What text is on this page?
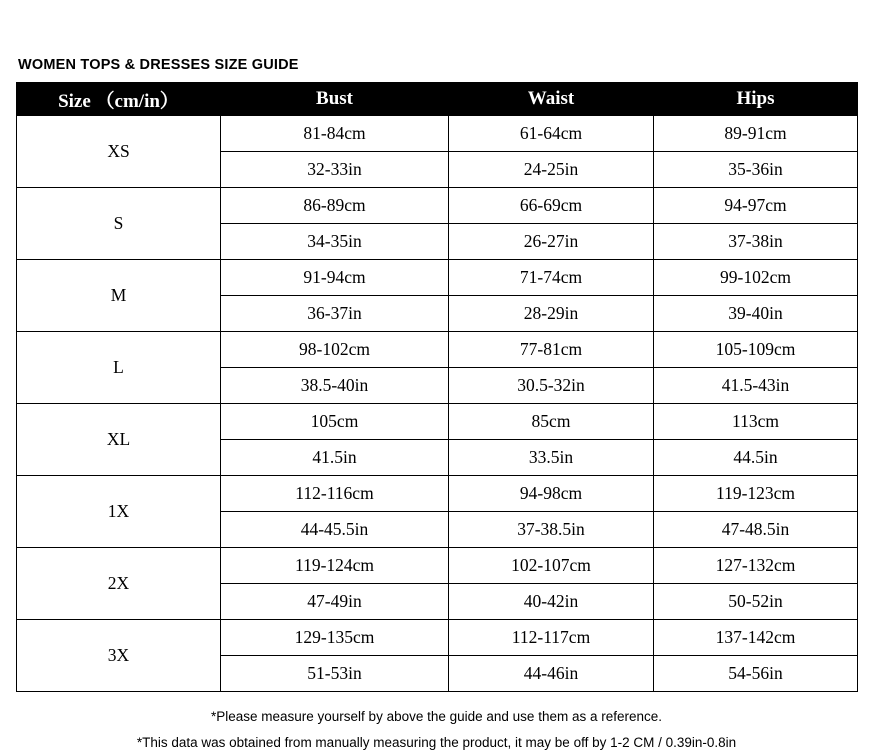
WOMEN TOPS & DRESSES SIZE GUIDE
Size （cm/in）	Bust	Waist	Hips
XS	81-84cm	61-64cm	89-91cm
	32-33in	24-25in	35-36in
S	86-89cm	66-69cm	94-97cm
	34-35in	26-27in	37-38in
M	91-94cm	71-74cm	99-102cm
	36-37in	28-29in	39-40in
L	98-102cm	77-81cm	105-109cm
	38.5-40in	30.5-32in	41.5-43in
XL	105cm	85cm	113cm
	41.5in	33.5in	44.5in
1X	112-116cm	94-98cm	119-123cm
	44-45.5in	37-38.5in	47-48.5in
2X	119-124cm	102-107cm	127-132cm
	47-49in	40-42in	50-52in
3X	129-135cm	112-117cm	137-142cm
	51-53in	44-46in	54-56in
*Please measure yourself by above the guide and use them as a reference.
*This data was obtained from manually measuring the product, it may be off by 1-2 CM / 0.39in-0.8in
